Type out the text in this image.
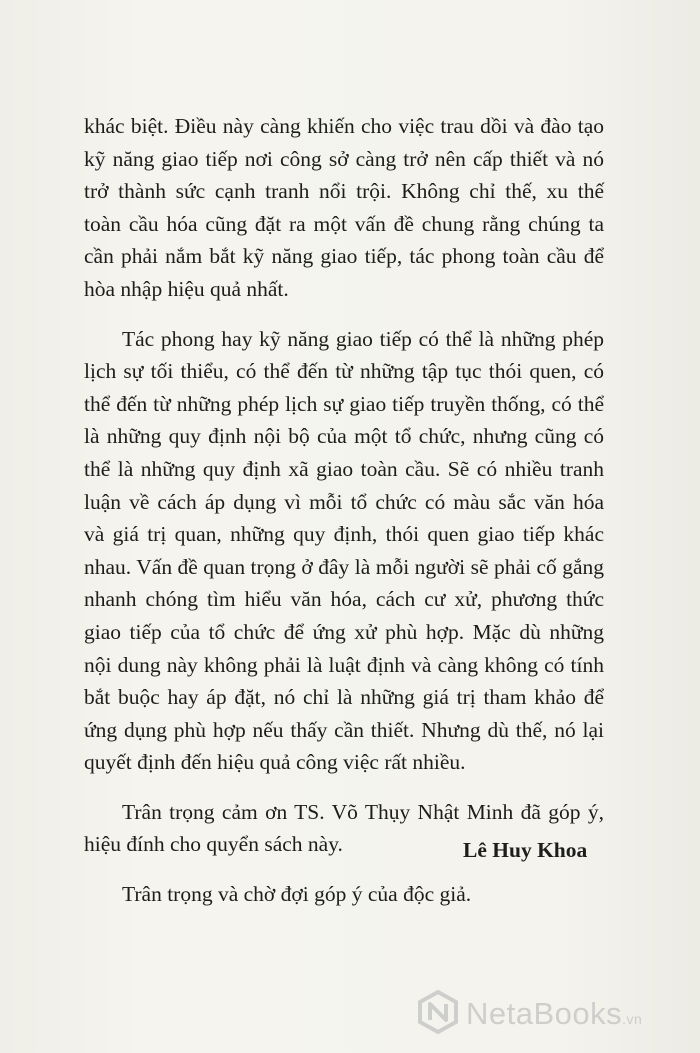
khác biệt. Điều này càng khiến cho việc trau dồi và đào tạo
kỹ năng giao tiếp nơi công sở càng trở nên cấp thiết và nó
trở thành sức cạnh tranh nổi trội. Không chỉ thế, xu thế
toàn cầu hóa cũng đặt ra một vấn đề chung rằng chúng ta
cần phải nắm bắt kỹ năng giao tiếp, tác phong toàn cầu để
hòa nhập hiệu quả nhất.
Tác phong hay kỹ năng giao tiếp có thể là những phép
lịch sự tối thiểu, có thể đến từ những tập tục thói quen, có
thể đến từ những phép lịch sự giao tiếp truyền thống, có thể
là những quy định nội bộ của một tổ chức, nhưng cũng có
thể là những quy định xã giao toàn cầu. Sẽ có nhiều tranh
luận về cách áp dụng vì mỗi tổ chức có màu sắc văn hóa
và giá trị quan, những quy định, thói quen giao tiếp khác
nhau. Vấn đề quan trọng ở đây là mỗi người sẽ phải cố gắng
nhanh chóng tìm hiểu văn hóa, cách cư xử, phương thức
giao tiếp của tổ chức để ứng xử phù hợp. Mặc dù những
nội dung này không phải là luật định và càng không có tính
bắt buộc hay áp đặt, nó chỉ là những giá trị tham khảo để
ứng dụng phù hợp nếu thấy cần thiết. Nhưng dù thế, nó lại
quyết định đến hiệu quả công việc rất nhiều.
Trân trọng cảm ơn TS. Võ Thụy Nhật Minh đã góp ý,
hiệu đính cho quyển sách này.
Trân trọng và chờ đợi góp ý của độc giả.
Lê Huy Khoa
NetaBooks.vn
